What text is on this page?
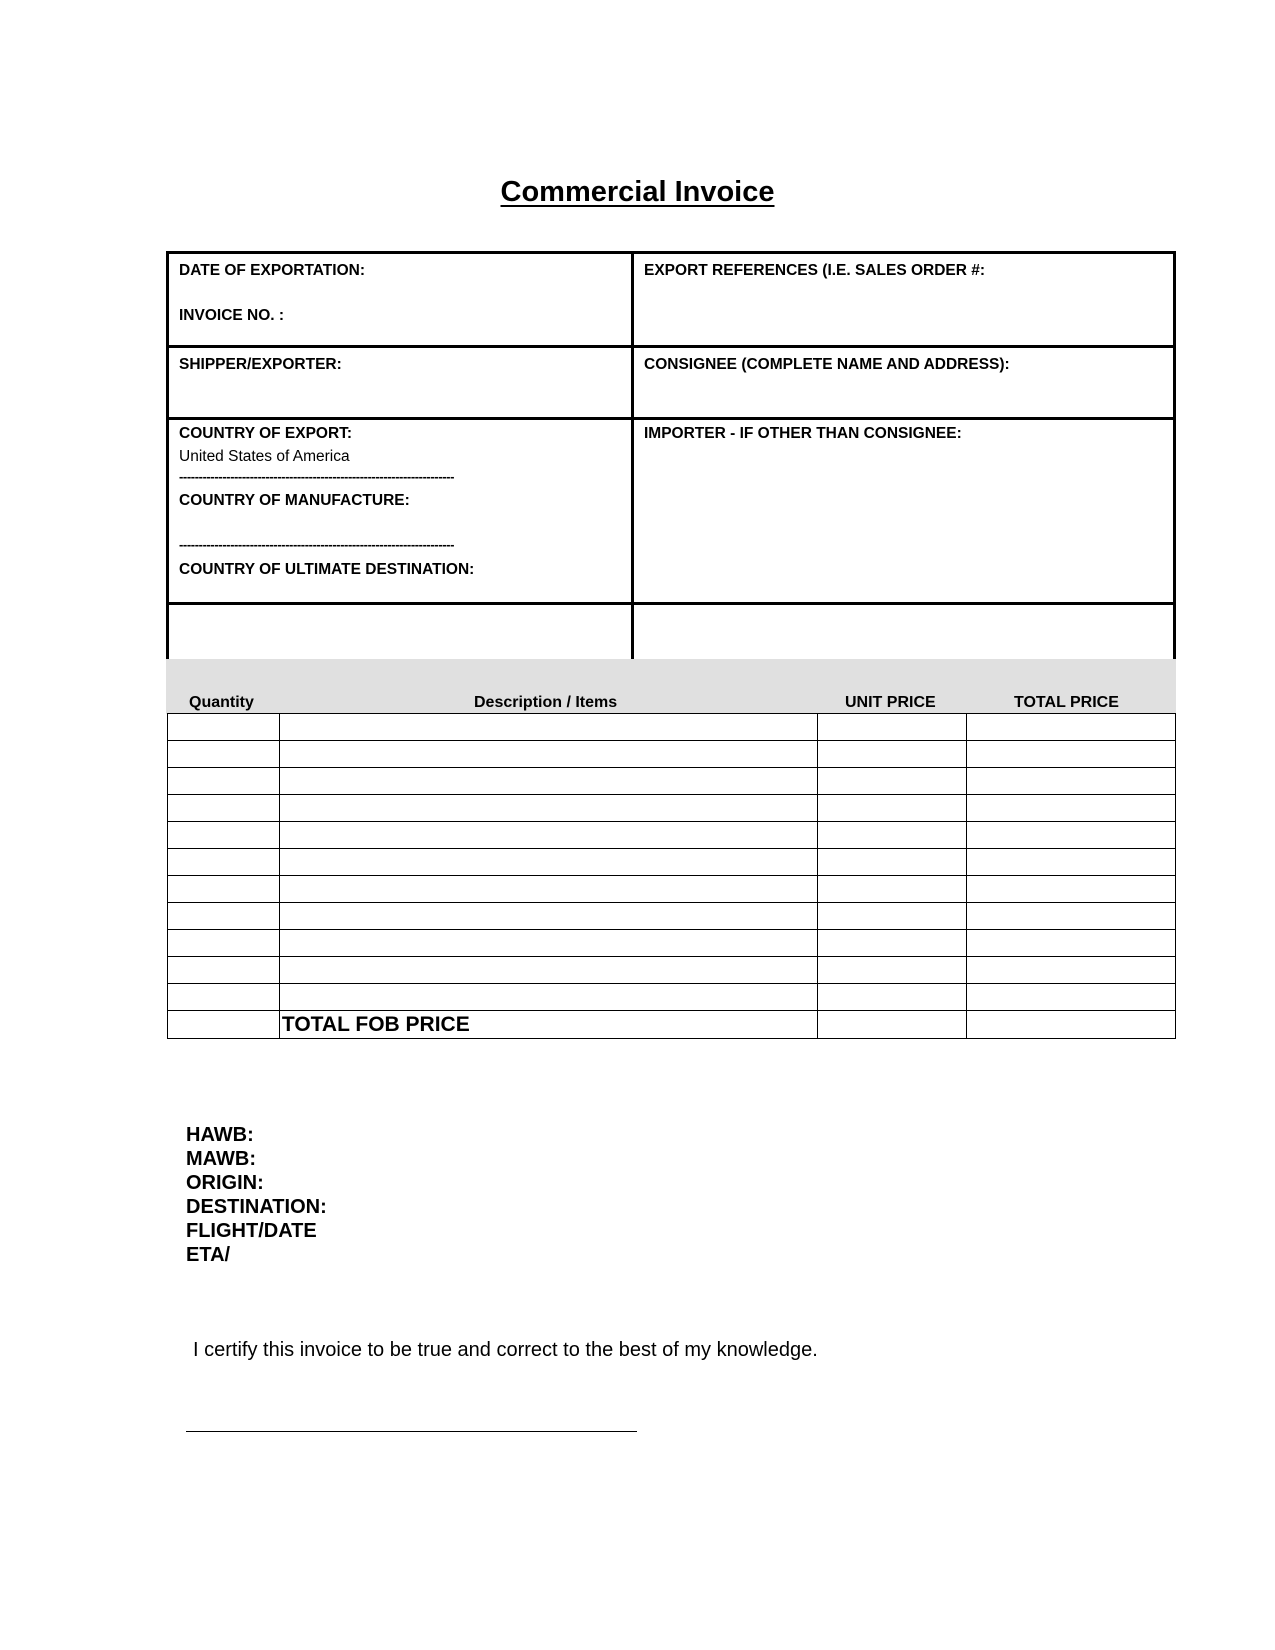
Commercial Invoice
DATE OF EXPORTATION:
INVOICE NO. :
EXPORT REFERENCES (I.E. SALES ORDER #:
SHIPPER/EXPORTER:	CONSIGNEE (COMPLETE NAME AND ADDRESS):
COUNTRY OF EXPORT:
United States of America
----------------------------------------------------------------------
COUNTRY OF MANUFACTURE:
----------------------------------------------------------------------
COUNTRY OF ULTIMATE DESTINATION:
IMPORTER - IF OTHER THAN CONSIGNEE:
Quantity	Description / Items	UNIT PRICE	TOTAL PRICE

	TOTAL FOB PRICE		
HAWB:
MAWB:
ORIGIN:
DESTINATION:
FLIGHT/DATE
ETA/
I certify this invoice to be true and correct to the best of my knowledge.
